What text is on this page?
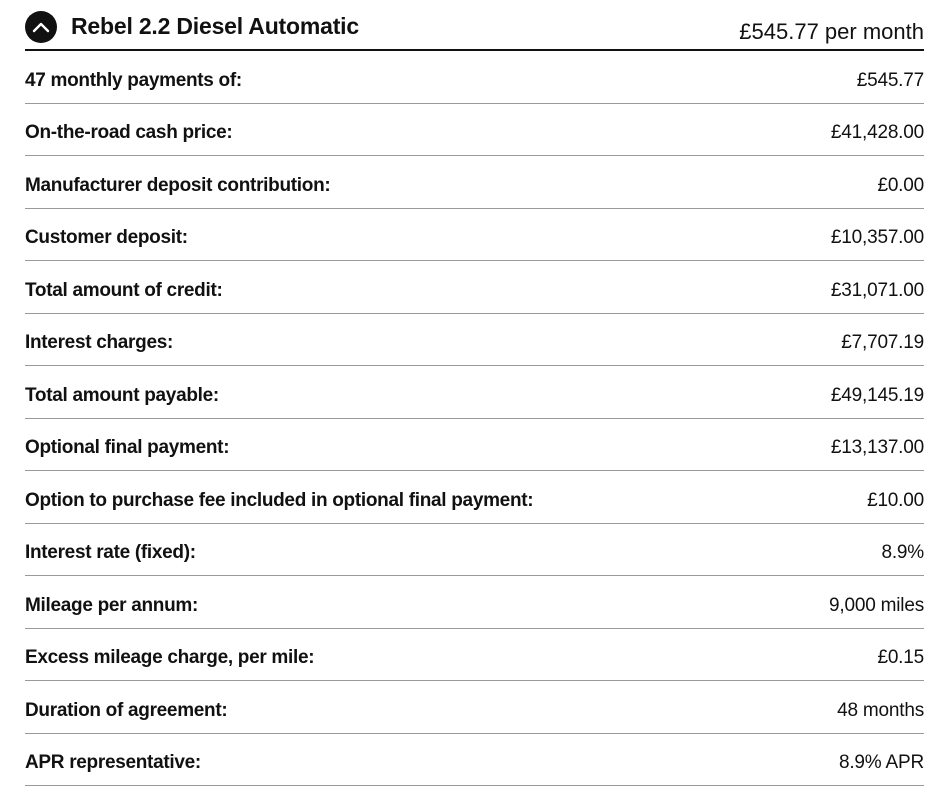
Rebel 2.2 Diesel Automatic	£545.77 per month
47 monthly payments of:	£545.77
On-the-road cash price:	£41,428.00
Manufacturer deposit contribution:	£0.00
Customer deposit:	£10,357.00
Total amount of credit:	£31,071.00
Interest charges:	£7,707.19
Total amount payable:	£49,145.19
Optional final payment:	£13,137.00
Option to purchase fee included in optional final payment:	£10.00
Interest rate (fixed):	8.9%
Mileage per annum:	9,000 miles
Excess mileage charge, per mile:	£0.15
Duration of agreement:	48 months
APR representative:	8.9% APR
